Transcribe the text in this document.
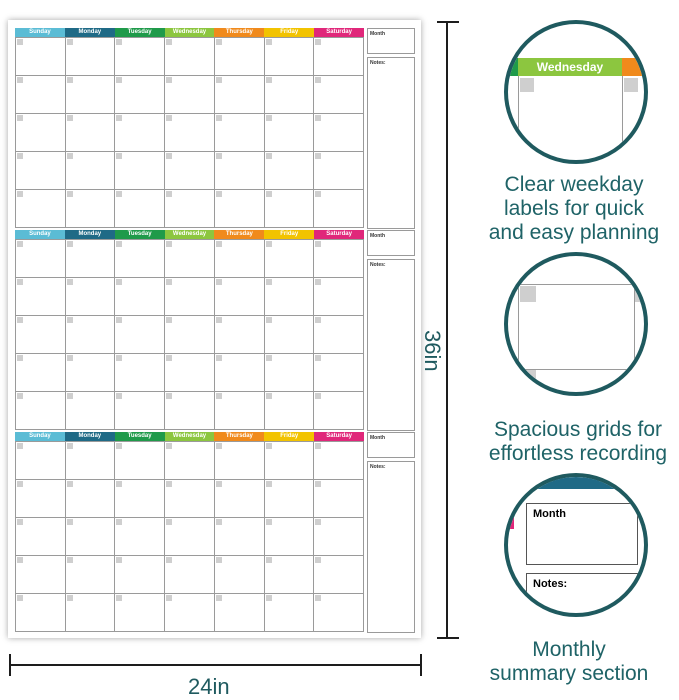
Sunday	Monday	Tuesday	Wednesday	Thursday	Friday	Saturday	Month
Notes:
Sunday	Monday	Tuesday	Wednesday	Thursday	Friday	Saturday	Month
Notes:
Sunday	Monday	Tuesday	Wednesday	Thursday	Friday	Saturday	Month
Notes:
36in
24in
Wednesday
Clear weekday
labels for quick
and easy planning
Spacious grids for
effortless recording
Month
Notes:
Monthly
summary section
